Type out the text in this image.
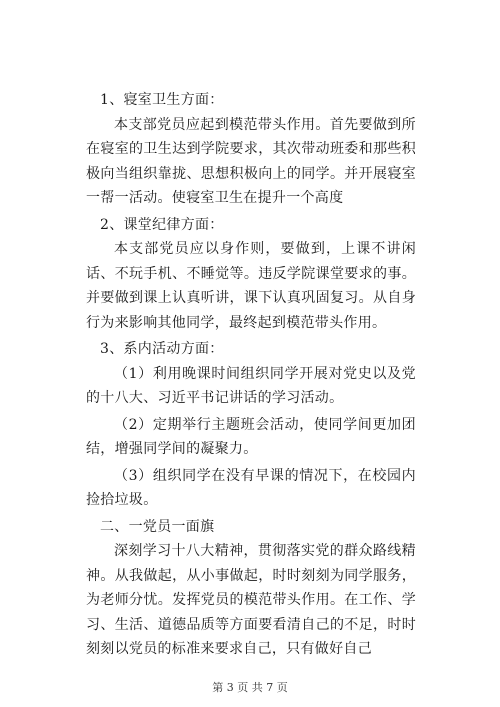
1、寝室卫生方面：

本支部党员应起到模范带头作用。首先要做到所在寝室的卫生达到学院要求，其次带动班委和那些积极向当组织靠拢、思想积极向上的同学。并开展寝室一帮一活动。使寝室卫生在提升一个高度

2、课堂纪律方面：

本支部党员应以身作则，要做到，上课不讲闲话、不玩手机、不睡觉等。违反学院课堂要求的事。并要做到课上认真听讲，课下认真巩固复习。从自身行为来影响其他同学，最终起到模范带头作用。

3、系内活动方面：

（1）利用晚课时间组织同学开展对党史以及党的十八大、习近平书记讲话的学习活动。

（2）定期举行主题班会活动，使同学间更加团结，增强同学间的凝聚力。

（3）组织同学在没有早课的情况下，在校园内捡拾垃圾。

二、一党员一面旗

深刻学习十八大精神，贯彻落实党的群众路线精神。从我做起，从小事做起，时时刻刻为同学服务，为老师分忧。发挥党员的模范带头作用。在工作、学习、生活、道德品质等方面要看清自己的不足，时时刻刻以党员的标准来要求自己，只有做好自己

第 3 页 共 7 页
